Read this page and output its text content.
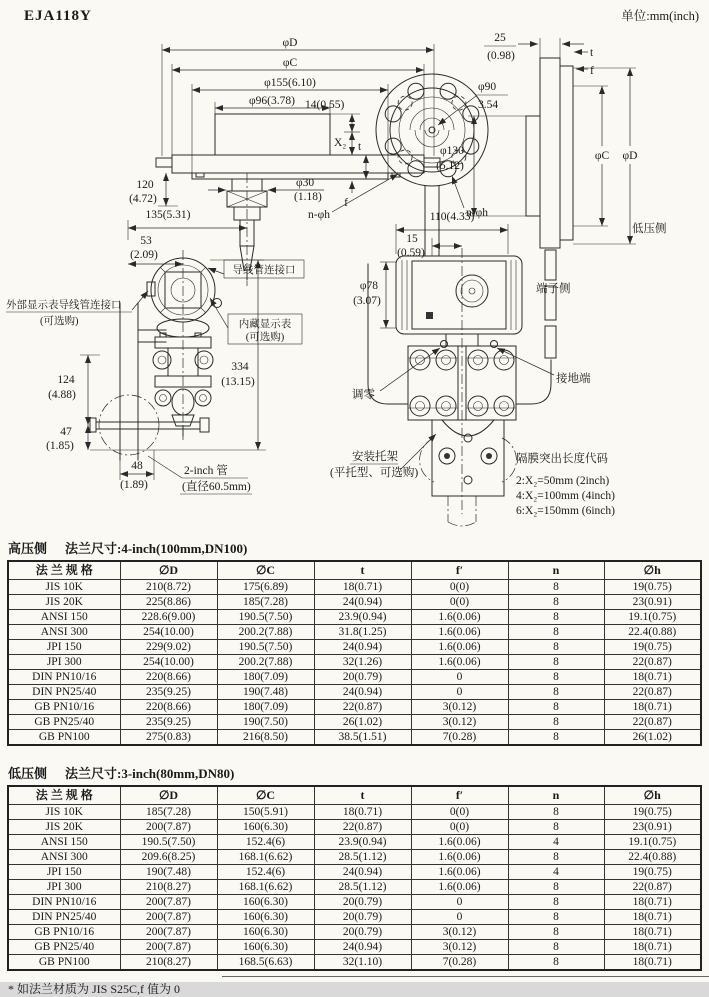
EJA118Y	单位:mm(inch)
φD
φC
φ155(6.10)
φ96(3.78) 14(0.55)
X₂ t
f
120
(4.72)
φ30
(1.18)
n-φh
135(5.31)
53
(2.09)
334
(13.15)
124
(4.88)
47
(1.85)
48
(1.89)
2-inch 管
(直径60.5mm)
外部显示表导线管连接口
(可选购)
导线管连接口
内藏显示表
(可选购)
φ90
3.54
n-φh
25
(0.98)	t
f
φ130
(5.12)
φC φD
低压侧
110(4.33)
15
(0.59)
φ78
(3.07)
端子侧
调零
接地端
安装托架
(平托型、可选购)
隔膜突出长度代码
2:X₂=50mm (2inch)
4:X₂=100mm (4inch)
6:X₂=150mm (6inch)
高压侧 法兰尺寸:4-inch(100mm,DN100)
法 兰 规 格	∅D	∅C	t	f′	n	∅h
JIS 10K	210(8.72)	175(6.89)	18(0.71)	0(0)	8	19(0.75)
JIS 20K	225(8.86)	185(7.28)	24(0.94)	0(0)	8	23(0.91)
ANSI 150	228.6(9.00)	190.5(7.50)	23.9(0.94)	1.6(0.06)	8	19.1(0.75)
ANSI 300	254(10.00)	200.2(7.88)	31.8(1.25)	1.6(0.06)	8	22.4(0.88)
JPI 150	229(9.02)	190.5(7.50)	24(0.94)	1.6(0.06)	8	19(0.75)
JPI 300	254(10.00)	200.2(7.88)	32(1.26)	1.6(0.06)	8	22(0.87)
DIN PN10/16	220(8.66)	180(7.09)	20(0.79)	0	8	18(0.71)
DIN PN25/40	235(9.25)	190(7.48)	24(0.94)	0	8	22(0.87)
GB PN10/16	220(8.66)	180(7.09)	22(0.87)	3(0.12)	8	18(0.71)
GB PN25/40	235(9.25)	190(7.50)	26(1.02)	3(0.12)	8	22(0.87)
GB PN100	275(0.83)	216(8.50)	38.5(1.51)	7(0.28)	8	26(1.02)
低压侧 法兰尺寸:3-inch(80mm,DN80)
法 兰 规 格	∅D	∅C	t	f′	n	∅h
JIS 10K	185(7.28)	150(5.91)	18(0.71)	0(0)	8	19(0.75)
JIS 20K	200(7.87)	160(6.30)	22(0.87)	0(0)	8	23(0.91)
ANSI 150	190.5(7.50)	152.4(6)	23.9(0.94)	1.6(0.06)	4	19.1(0.75)
ANSI 300	209.6(8.25)	168.1(6.62)	28.5(1.12)	1.6(0.06)	8	22.4(0.88)
JPI 150	190(7.48)	152.4(6)	24(0.94)	1.6(0.06)	4	19(0.75)
JPI 300	210(8.27)	168.1(6.62)	28.5(1.12)	1.6(0.06)	8	22(0.87)
DIN PN10/16	200(7.87)	160(6.30)	20(0.79)	0	8	18(0.71)
DIN PN25/40	200(7.87)	160(6.30)	20(0.79)	0	8	18(0.71)
GB PN10/16	200(7.87)	160(6.30)	20(0.79)	3(0.12)	8	18(0.71)
GB PN25/40	200(7.87)	160(6.30)	24(0.94)	3(0.12)	8	18(0.71)
GB PN100	210(8.27)	168.5(6.63)	32(1.10)	7(0.28)	8	18(0.71)
* 如法兰材质为 JIS S25C,f 值为 0
